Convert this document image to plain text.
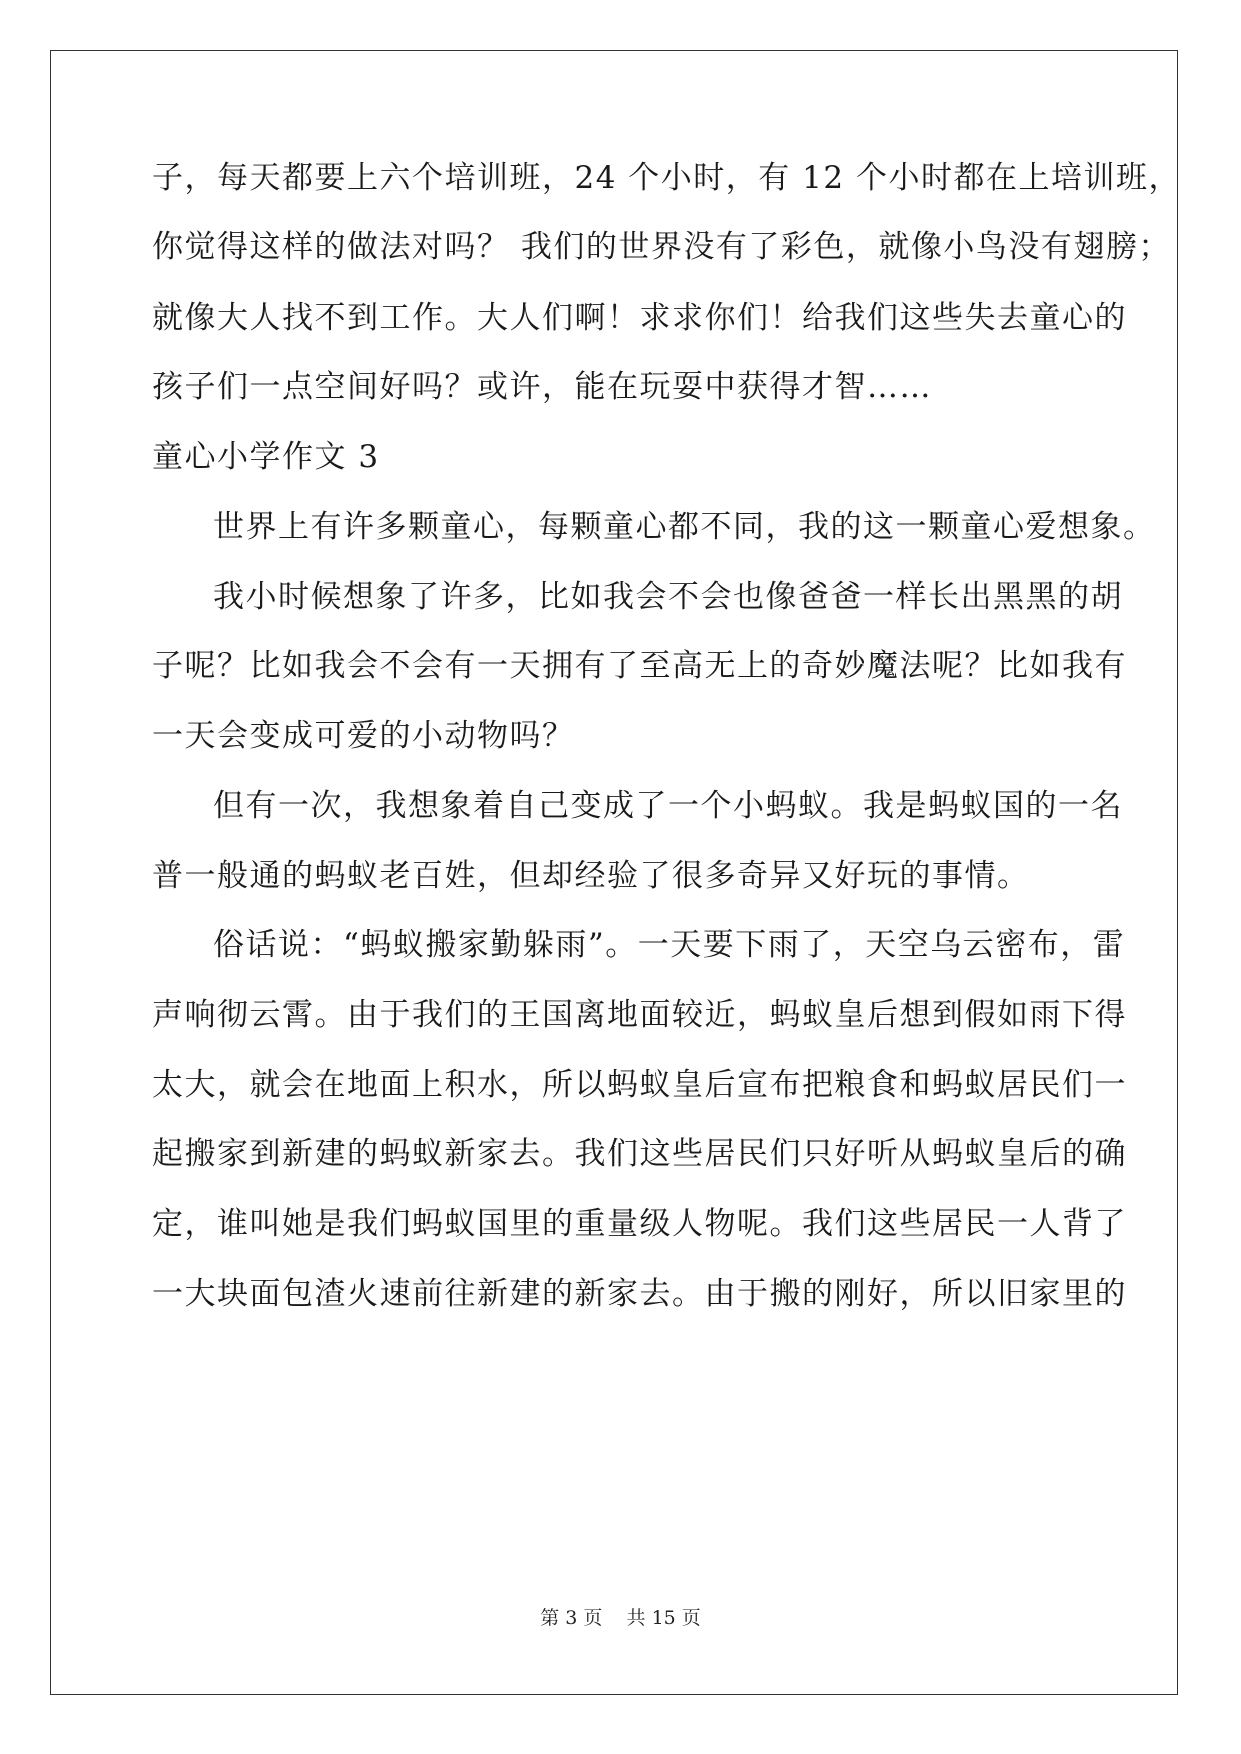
子，每天都要上六个培训班，24 个小时，有 12 个小时都在上培训班，
你觉得这样的做法对吗？ 我们的世界没有了彩色，就像小鸟没有翅膀；
就像大人找不到工作。大人们啊！求求你们！给我们这些失去童心的
孩子们一点空间好吗？或许，能在玩耍中获得才智……
童心小学作文 3
世界上有许多颗童心，每颗童心都不同，我的这一颗童心爱想象。
我小时候想象了许多，比如我会不会也像爸爸一样长出黑黑的胡
子呢？比如我会不会有一天拥有了至高无上的奇妙魔法呢？比如我有
一天会变成可爱的小动物吗？
但有一次，我想象着自己变成了一个小蚂蚁。我是蚂蚁国的一名
普一般通的蚂蚁老百姓，但却经验了很多奇异又好玩的事情。
俗话说：“蚂蚁搬家勤躲雨”。一天要下雨了，天空乌云密布，雷
声响彻云霄。由于我们的王国离地面较近，蚂蚁皇后想到假如雨下得
太大，就会在地面上积水，所以蚂蚁皇后宣布把粮食和蚂蚁居民们一
起搬家到新建的蚂蚁新家去。我们这些居民们只好听从蚂蚁皇后的确
定，谁叫她是我们蚂蚁国里的重量级人物呢。我们这些居民一人背了
一大块面包渣火速前往新建的新家去。由于搬的刚好，所以旧家里的
第 3 页 共 15 页
